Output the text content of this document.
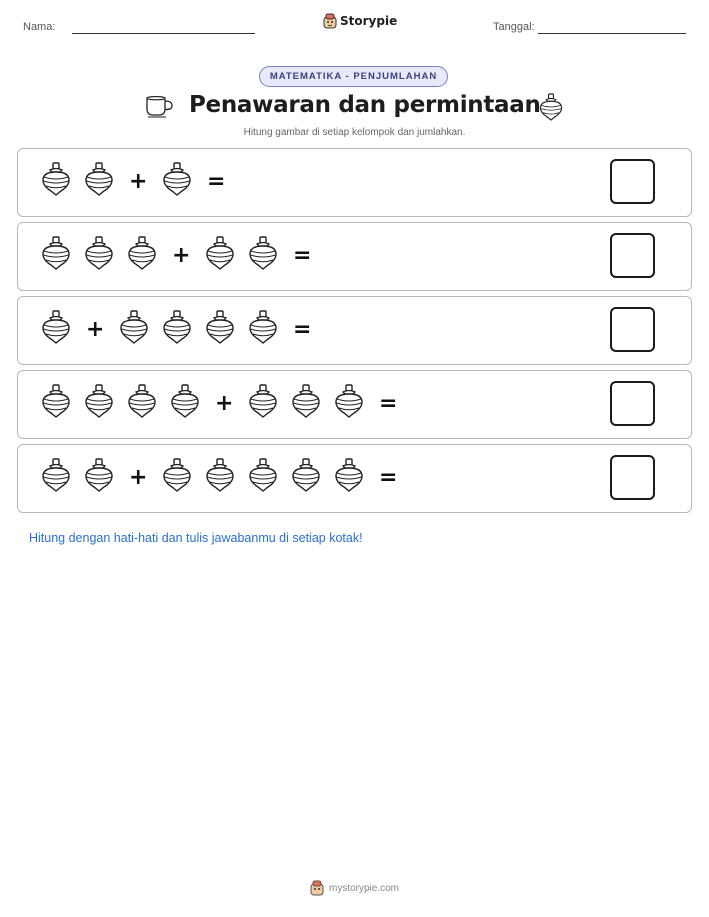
Nama:	Storypie	Tanggal:
MATEMATIKA - PENJUMLAHAN
Penawaran dan permintaan
Hitung gambar di setiap kelompok dan jumlahkan.
+	=
+	=
+	=
+	=
+	=
Hitung dengan hati-hati dan tulis jawabanmu di setiap kotak!
mystorypie.com
